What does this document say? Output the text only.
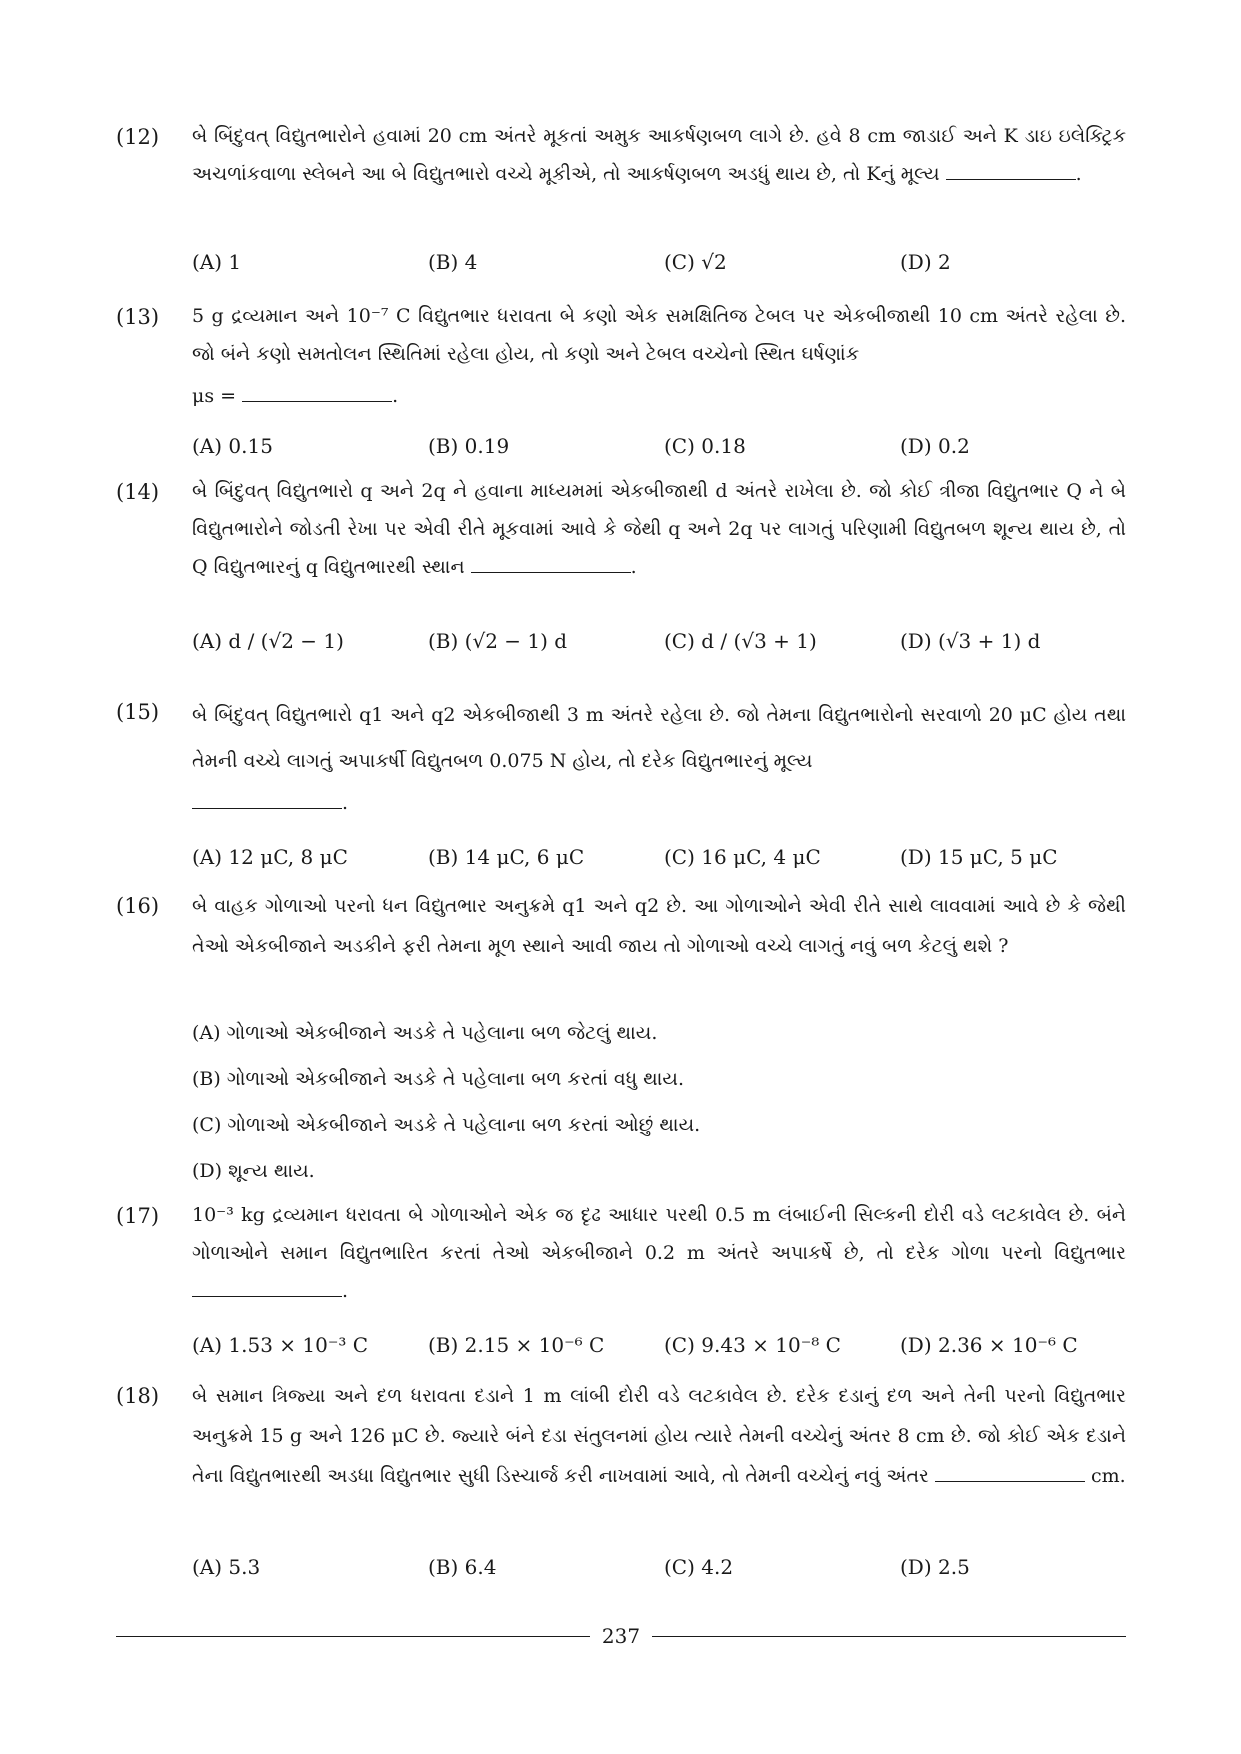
(12) બે બિંદુવત્ વિદ્યુતભારોને હવામાં 20 cm અંતરે મૂકતાં અમુક આકર્ષણબળ લાગે છે. હવે 8 cm જાડાઈ અને K ડાઇ ઇલેક્ટ્રિક અચળાંકવાળા સ્લેબને આ બે વિદ્યુતભારો વચ્ચે મૂકીએ, તો આકર્ષણબળ અડધું થાય છે, તો Kનું મૂલ્ય	.
(A) 1	(B) 4	(C) √2	(D) 2
(13) 5 g દ્રવ્યમાન અને 10⁻⁷ C વિદ્યુતભાર ધરાવતા બે કણો એક સમક્ષિતિજ ટેબલ પર એકબીજાથી 10 cm અંતરે રહેલા છે. જો બંને કણો સમતોલન સ્થિતિમાં રહેલા હોય, તો કણો અને ટેબલ વચ્ચેનો સ્થિત ઘર્ષણાંક
μs =	.
(A) 0.15	(B) 0.19	(C) 0.18	(D) 0.2
(14) બે બિંદુવત્ વિદ્યુતભારો q અને 2q ને હવાના માધ્યમમાં એકબીજાથી d અંતરે રાખેલા છે. જો કોઈ ત્રીજા વિદ્યુતભાર Q ને બે વિદ્યુતભારોને જોડતી રેખા પર એવી રીતે મૂકવામાં આવે કે જેથી q અને 2q પર લાગતું પરિણામી વિદ્યુતબળ શૂન્ય થાય છે, તો Q વિદ્યુતભારનું q વિદ્યુતભારથી સ્થાન	.
(A) d / (√2 − 1)	(B) (√2 − 1) d	(C) d / (√3 + 1)	(D) (√3 + 1) d
(15) બે બિંદુવત્ વિદ્યુતભારો q1 અને q2 એકબીજાથી 3 m અંતરે રહેલા છે. જો તેમના વિદ્યુતભારોનો સરવાળો 20 μC હોય તથા તેમની વચ્ચે લાગતું અપાકર્ષી વિદ્યુતબળ 0.075 N હોય, તો દરેક વિદ્યુતભારનું મૂલ્ય
.
(A) 12 μC, 8 μC	(B) 14 μC, 6 μC	(C) 16 μC, 4 μC	(D) 15 μC, 5 μC
(16) બે વાહક ગોળાઓ પરનો ધન વિદ્યુતભાર અનુક્રમે q1 અને q2 છે. આ ગોળાઓને એવી રીતે સાથે લાવવામાં આવે છે કે જેથી તેઓ એકબીજાને અડકીને ફરી તેમના મૂળ સ્થાને આવી જાય તો ગોળાઓ વચ્ચે લાગતું નવું બળ કેટલું થશે ?
(A) ગોળાઓ એકબીજાને અડકે તે પહેલાના બળ જેટલું થાય.
(B) ગોળાઓ એકબીજાને અડકે તે પહેલાના બળ કરતાં વધુ થાય.
(C) ગોળાઓ એકબીજાને અડકે તે પહેલાના બળ કરતાં ઓછું થાય.
(D) શૂન્ય થાય.
(17) 10⁻³ kg દ્રવ્યમાન ધરાવતા બે ગોળાઓને એક જ દૃઢ આધાર પરથી 0.5 m લંબાઈની સિલ્કની દોરી વડે લટકાવેલ છે. બંને ગોળાઓને સમાન વિદ્યુતભારિત કરતાં તેઓ એકબીજાને 0.2 m અંતરે અપાકર્ષે છે, તો દરેક ગોળા પરનો વિદ્યુતભાર .
(A) 1.53 × 10⁻³ C	(B) 2.15 × 10⁻⁶ C	(C) 9.43 × 10⁻⁸ C	(D) 2.36 × 10⁻⁶ C
(18) બે સમાન ત્રિજ્યા અને દળ ધરાવતા દડાને 1 m લાંબી દોરી વડે લટકાવેલ છે. દરેક દડાનું દળ અને તેની પરનો વિદ્યુતભાર અનુક્રમે 15 g અને 126 μC છે. જ્યારે બંને દડા સંતુલનમાં હોય ત્યારે તેમની વચ્ચેનું અંતર 8 cm છે. જો કોઈ એક દડાને તેના વિદ્યુતભારથી અડધા વિદ્યુતભાર સુધી ડિસ્ચાર્જ કરી નાખવામાં આવે, તો તેમની વચ્ચેનું નવું અંતર	cm.
(A) 5.3	(B) 6.4	(C) 4.2	(D) 2.5
237
